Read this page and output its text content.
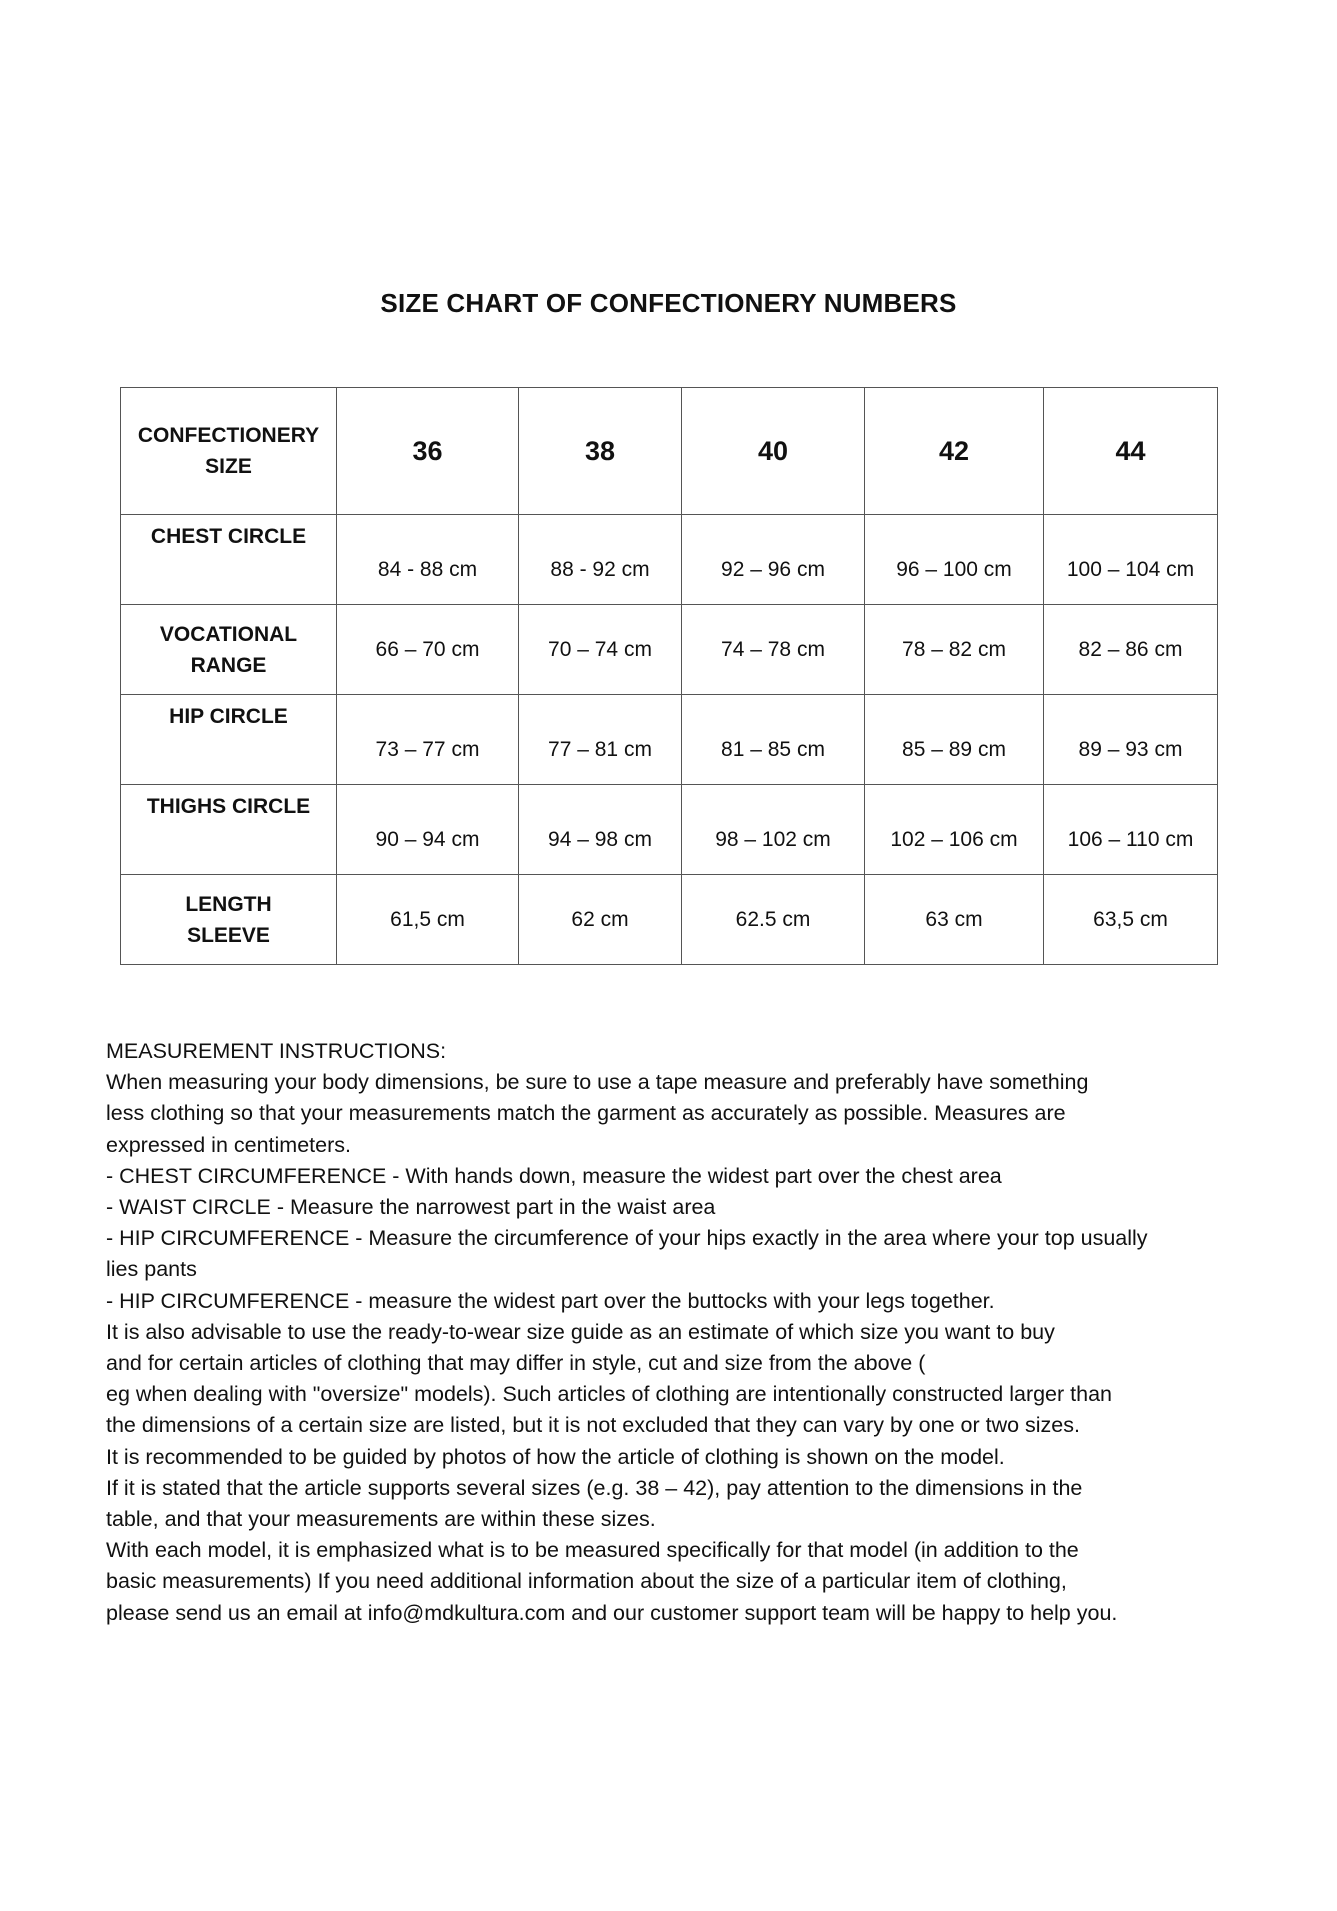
SIZE CHART OF CONFECTIONERY NUMBERS
CONFECTIONERY SIZE	36	38	40	42	44
CHEST CIRCLE	84 - 88 cm	88 - 92 cm	92 – 96 cm	96 – 100 cm	100 – 104 cm
VOCATIONAL RANGE	66 – 70 cm	70 – 74 cm	74 – 78 cm	78 – 82 cm	82 – 86 cm
HIP CIRCLE	73 – 77 cm	77 – 81 cm	81 – 85 cm	85 – 89 cm	89 – 93 cm
THIGHS CIRCLE	90 – 94 cm	94 – 98 cm	98 – 102 cm	102 – 106 cm	106 – 110 cm
LENGTH SLEEVE	61,5 cm	62 cm	62.5 cm	63 cm	63,5 cm

MEASUREMENT INSTRUCTIONS:

When measuring your body dimensions, be sure to use a tape measure and preferably have something

less clothing so that your measurements match the garment as accurately as possible. Measures are

expressed in centimeters.

- CHEST CIRCUMFERENCE - With hands down, measure the widest part over the chest area

- WAIST CIRCLE - Measure the narrowest part in the waist area

- HIP CIRCUMFERENCE - Measure the circumference of your hips exactly in the area where your top usually

lies pants

- HIP CIRCUMFERENCE - measure the widest part over the buttocks with your legs together.

It is also advisable to use the ready-to-wear size guide as an estimate of which size you want to buy

and for certain articles of clothing that may differ in style, cut and size from the above (

eg when dealing with "oversize" models). Such articles of clothing are intentionally constructed larger than

the dimensions of a certain size are listed, but it is not excluded that they can vary by one or two sizes.

It is recommended to be guided by photos of how the article of clothing is shown on the model.

If it is stated that the article supports several sizes (e.g. 38 – 42), pay attention to the dimensions in the

table, and that your measurements are within these sizes.

With each model, it is emphasized what is to be measured specifically for that model (in addition to the

basic measurements) If you need additional information about the size of a particular item of clothing,

please send us an email at info@mdkultura.com and our customer support team will be happy to help you.
